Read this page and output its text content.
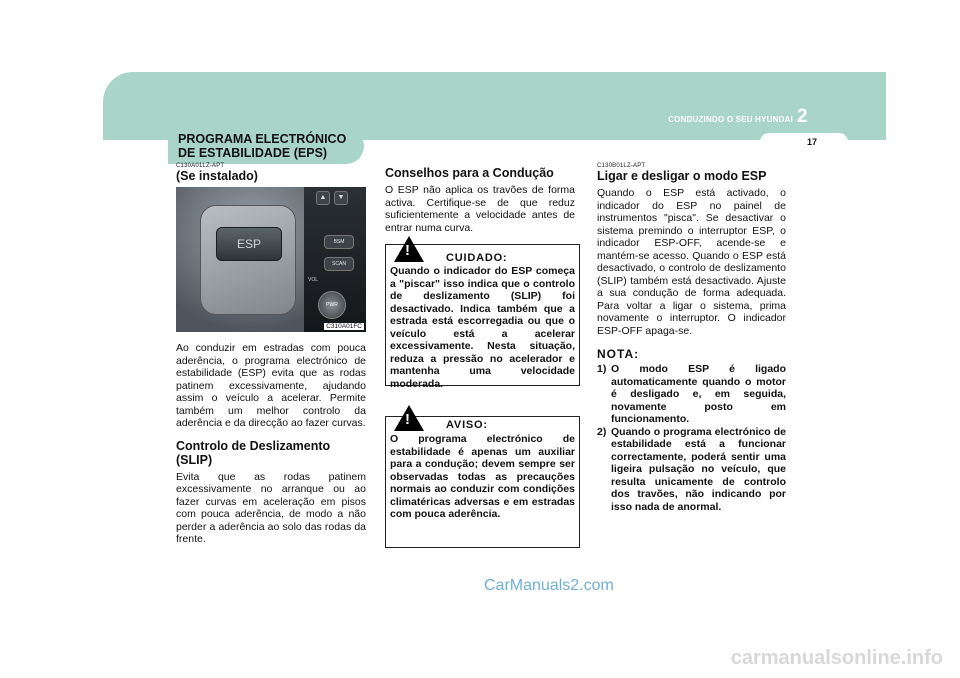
CONDUZINDO O SEU HYUNDAI 2
17
PROGRAMA ELECTRÓNICO
DE ESTABILIDADE (EPS)
C130A01LZ-APT
(Se instalado)
ESP
▲	▼
BSM
SCAN
VOL
PWR
C310A01FC

Ao conduzir em estradas com pouca aderência, o programa electrónico de estabilidade (ESP) evita que as rodas patinem excessivamente, ajudando assim o veículo a acelerar. Permite também um melhor controlo da aderência e da direcção ao fazer curvas.

Controlo de Deslizamento (SLIP)

Evita que as rodas patinem excessivamente no arranque ou ao fazer curvas em aceleração em pisos com pouca aderência, de modo a não perder a aderência ao solo das rodas da frente.

Conselhos para a Condução

O ESP não aplica os travões de forma activa. Certifique-se de que reduz suficientemente a velocidade antes de entrar numa curva.

!	CUIDADO:
Quando o indicador do ESP começa a "piscar" isso indica que o controlo de deslizamento (SLIP) foi desactivado. Indica também que a estrada está escorregadia ou que o veículo está a acelerar excessivamente. Nesta situação, reduza a pressão no acelerador e mantenha uma velocidade moderada.
!	AVISO:
O programa electrónico de estabilidade é apenas um auxiliar para a condução; devem sempre ser observadas todas as precauções normais ao conduzir com condições climatéricas adversas e em estradas com pouca aderência.
C130B01LZ-APT
Ligar e desligar o modo ESP

Quando o ESP está activado, o indicador do ESP no painel de instrumentos "pisca". Se desactivar o sistema premindo o interruptor ESP, o indicador ESP-OFF, acende-se e mantém-se acesso. Quando o ESP está desactivado, o controlo de deslizamento (SLIP) também está desactivado. Ajuste a sua condução de forma adequada. Para voltar a ligar o sistema, prima novamente o interruptor. O indicador ESP-OFF apaga-se.

NOTA:
1) O modo ESP é ligado automaticamente quando o motor é desligado e, em seguida, novamente posto em funcionamento.
2) Quando o programa electrónico de estabilidade está a funcionar correctamente, poderá sentir uma ligeira pulsação no veículo, que resulta unicamente de controlo dos travões, não indicando por isso nada de anormal.
CarManuals2.com
carmanualsonline.info
